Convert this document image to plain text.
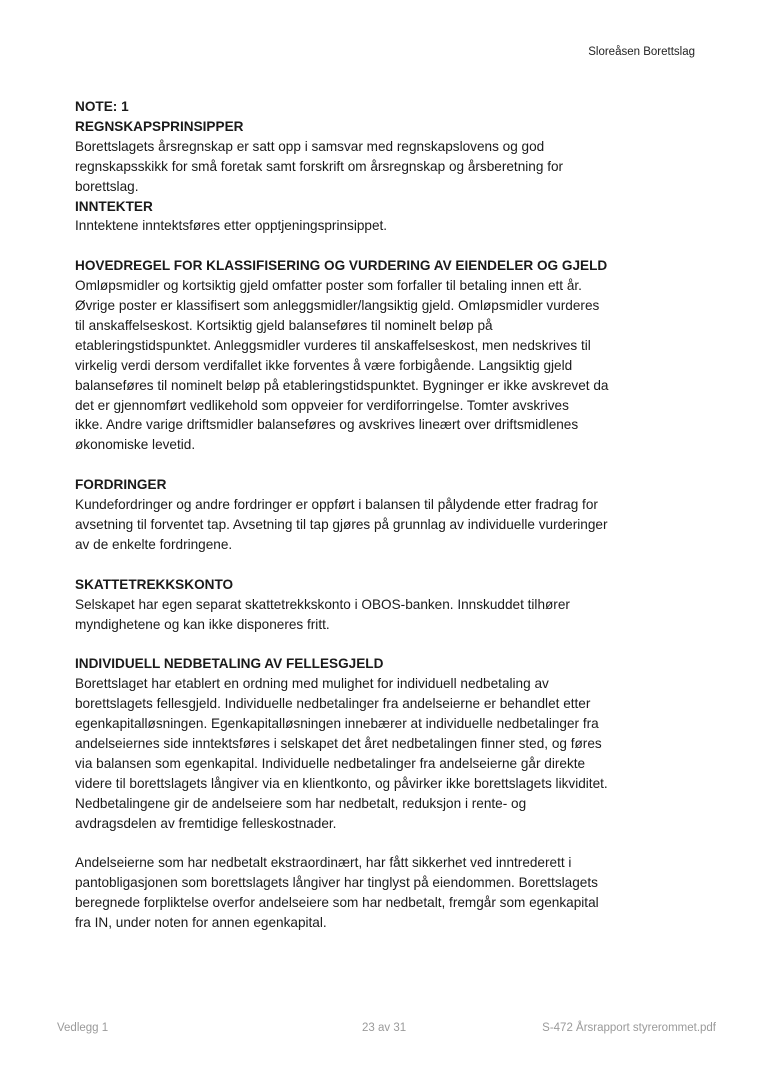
Sloreåsen Borettslag

NOTE: 1

REGNSKAPSPRINSIPPER

Borettslagets årsregnskap er satt opp i samsvar med regnskapslovens og god

regnskapsskikk for små foretak samt forskrift om årsregnskap og årsberetning for

borettslag.

INNTEKTER

Inntektene inntektsføres etter opptjeningsprinsippet.

HOVEDREGEL FOR KLASSIFISERING OG VURDERING AV EIENDELER OG GJELD

Omløpsmidler og kortsiktig gjeld omfatter poster som forfaller til betaling innen ett år.

Øvrige poster er klassifisert som anleggsmidler/langsiktig gjeld. Omløpsmidler vurderes

til anskaffelseskost. Kortsiktig gjeld balanseføres til nominelt beløp på

etableringstidspunktet. Anleggsmidler vurderes til anskaffelseskost, men nedskrives til

virkelig verdi dersom verdifallet ikke forventes å være forbigående. Langsiktig gjeld

balanseføres til nominelt beløp på etableringstidspunktet. Bygninger er ikke avskrevet da

det er gjennomført vedlikehold som oppveier for verdiforringelse. Tomter avskrives

ikke. Andre varige driftsmidler balanseføres og avskrives lineært over driftsmidlenes

økonomiske levetid.

FORDRINGER

Kundefordringer og andre fordringer er oppført i balansen til pålydende etter fradrag for

avsetning til forventet tap. Avsetning til tap gjøres på grunnlag av individuelle vurderinger

av de enkelte fordringene.

SKATTETREKKSKONTO

Selskapet har egen separat skattetrekkskonto i OBOS-banken. Innskuddet tilhører

myndighetene og kan ikke disponeres fritt.

INDIVIDUELL NEDBETALING AV FELLESGJELD

Borettslaget har etablert en ordning med mulighet for individuell nedbetaling av

borettslagets fellesgjeld. Individuelle nedbetalinger fra andelseierne er behandlet etter

egenkapitalløsningen. Egenkapitalløsningen innebærer at individuelle nedbetalinger fra

andelseiernes side inntektsføres i selskapet det året nedbetalingen finner sted, og føres

via balansen som egenkapital. Individuelle nedbetalinger fra andelseierne går direkte

videre til borettslagets långiver via en klientkonto, og påvirker ikke borettslagets likviditet.

Nedbetalingene gir de andelseiere som har nedbetalt, reduksjon i rente- og

avdragsdelen av fremtidige felleskostnader.

Andelseierne som har nedbetalt ekstraordinært, har fått sikkerhet ved inntrederett i

pantobligasjonen som borettslagets långiver har tinglyst på eiendommen. Borettslagets

beregnede forpliktelse overfor andelseiere som har nedbetalt, fremgår som egenkapital

fra IN, under noten for annen egenkapital.

Vedlegg 1	23 av 31	S-472 Årsrapport styrerommet.pdf
